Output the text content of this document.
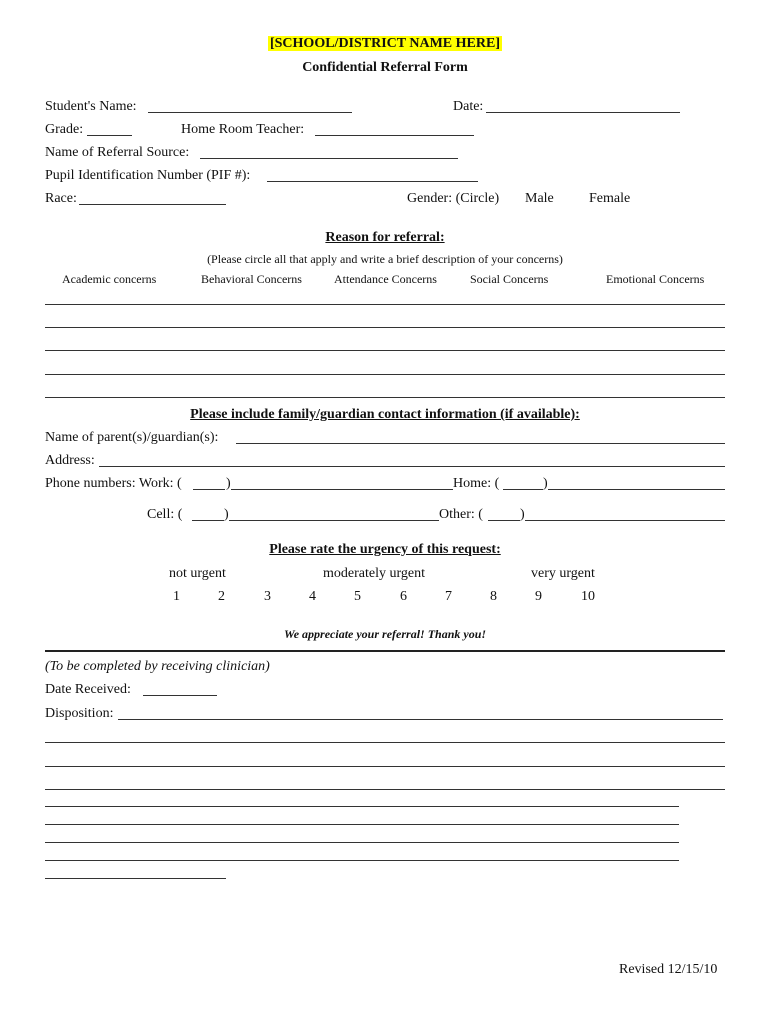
[SCHOOL/DISTRICT NAME HERE]
Confidential Referral Form
Student's Name:	Date:
Grade:	Home Room Teacher:
Name of Referral Source:
Pupil Identification Number (PIF #):
Race:	Gender: (Circle) Male	Female
Reason for referral:
(Please circle all that apply and write a brief description of your concerns)
Academic concerns	Behavioral Concerns	Attendance Concerns	Social Concerns	Emotional Concerns
Please include family/guardian contact information (if available):
Name of parent(s)/guardian(s):
Address:
Phone numbers: Work: (	)	Home: (	)
Cell: (	)	Other: (	)
Please rate the urgency of this request:
not urgent	moderately urgent	very urgent
1	2	3	4	5	6	7	8	9	10
We appreciate your referral! Thank you!
(To be completed by receiving clinician)
Date Received:
Disposition:
Revised 12/15/10
